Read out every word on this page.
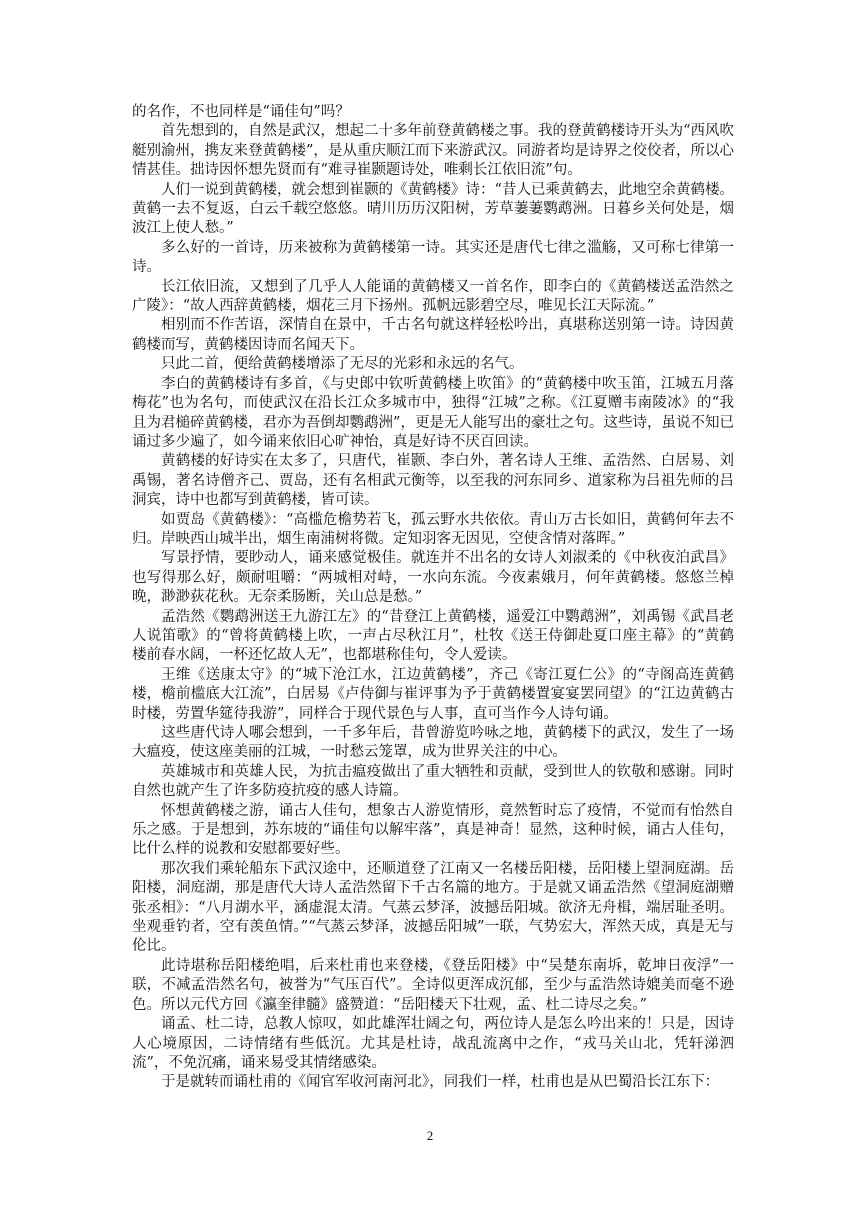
的名作，不也同样是“诵佳句”吗？

首先想到的，自然是武汉，想起二十多年前登黄鹤楼之事。我的登黄鹤楼诗开头为“西风吹艇别渝州，携友来登黄鹤楼”，是从重庆顺江而下来游武汉。同游者均是诗界之佼佼者，所以心情甚佳。拙诗因怀想先贤而有“难寻崔颢题诗处，唯剩长江依旧流”句。

人们一说到黄鹤楼，就会想到崔颢的《黄鹤楼》诗：“昔人已乘黄鹤去，此地空余黄鹤楼。黄鹤一去不复返，白云千载空悠悠。晴川历历汉阳树，芳草萋萋鹦鹉洲。日暮乡关何处是，烟波江上使人愁。”

多么好的一首诗，历来被称为黄鹤楼第一诗。其实还是唐代七律之滥觞，又可称七律第一诗。

长江依旧流，又想到了几乎人人能诵的黄鹤楼又一首名作，即李白的《黄鹤楼送孟浩然之广陵》：“故人西辞黄鹤楼，烟花三月下扬州。孤帆远影碧空尽，唯见长江天际流。”

相别而不作苦语，深情自在景中，千古名句就这样轻松吟出，真堪称送别第一诗。诗因黄鹤楼而写，黄鹤楼因诗而名闻天下。

只此二首，便给黄鹤楼增添了无尽的光彩和永远的名气。

李白的黄鹤楼诗有多首，《与史郎中钦听黄鹤楼上吹笛》的“黄鹤楼中吹玉笛，江城五月落梅花”也为名句，而使武汉在沿长江众多城市中，独得“江城”之称。《江夏赠韦南陵冰》的“我且为君槌碎黄鹤楼，君亦为吾倒却鹦鹉洲”，更是无人能写出的豪壮之句。这些诗，虽说不知已诵过多少遍了，如今诵来依旧心旷神怡，真是好诗不厌百回读。

黄鹤楼的好诗实在太多了，只唐代，崔颢、李白外，著名诗人王维、孟浩然、白居易、刘禹锡，著名诗僧齐己、贾岛，还有名相武元衡等，以至我的河东同乡、道家称为吕祖先师的吕洞宾，诗中也都写到黄鹤楼，皆可读。

如贾岛《黄鹤楼》：“高槛危檐势若飞，孤云野水共依依。青山万古长如旧，黄鹤何年去不归。岸映西山城半出，烟生南浦树将微。定知羽客无因见，空使含情对落晖。”

写景抒情，要眇动人，诵来感觉极佳。就连并不出名的女诗人刘淑柔的《中秋夜泊武昌》也写得那么好，颇耐咀嚼：“两城相对峙，一水向东流。今夜素娥月，何年黄鹤楼。悠悠兰棹晚，渺渺荻花秋。无奈柔肠断，关山总是愁。”

孟浩然《鹦鹉洲送王九游江左》的“昔登江上黄鹤楼，遥爱江中鹦鹉洲”，刘禹锡《武昌老人说笛歌》的“曾将黄鹤楼上吹，一声占尽秋江月”，杜牧《送王侍御赴夏口座主幕》的“黄鹤楼前春水阔，一杯还忆故人无”，也都堪称佳句，令人爱读。

王维《送康太守》的“城下沧江水，江边黄鹤楼”，齐己《寄江夏仁公》的“寺阁高连黄鹤楼，檐前槛底大江流”，白居易《卢侍御与崔评事为予于黄鹤楼置宴宴罢同望》的“江边黄鹤古时楼，劳置华筵待我游”，同样合于现代景色与人事，直可当作今人诗句诵。

这些唐代诗人哪会想到，一千多年后，昔曾游览吟咏之地，黄鹤楼下的武汉，发生了一场大瘟疫，使这座美丽的江城，一时愁云笼罩，成为世界关注的中心。

英雄城市和英雄人民，为抗击瘟疫做出了重大牺牲和贡献，受到世人的钦敬和感谢。同时自然也就产生了许多防疫抗疫的感人诗篇。

怀想黄鹤楼之游，诵古人佳句，想象古人游览情形，竟然暂时忘了疫情，不觉而有怡然自乐之感。于是想到，苏东坡的“诵佳句以解牢落”，真是神奇！显然，这种时候，诵古人佳句，比什么样的说教和安慰都要好些。

那次我们乘轮船东下武汉途中，还顺道登了江南又一名楼岳阳楼，岳阳楼上望洞庭湖。岳阳楼，洞庭湖，那是唐代大诗人孟浩然留下千古名篇的地方。于是就又诵孟浩然《望洞庭湖赠张丞相》：“八月湖水平，涵虚混太清。气蒸云梦泽，波撼岳阳城。欲济无舟楫，端居耻圣明。坐观垂钓者，空有羡鱼情。”“气蒸云梦泽，波撼岳阳城”一联，气势宏大，浑然天成，真是无与伦比。

此诗堪称岳阳楼绝唱，后来杜甫也来登楼，《登岳阳楼》中“吴楚东南坼，乾坤日夜浮”一联，不减孟浩然名句，被誉为“气压百代”。全诗似更浑成沉郁，至少与孟浩然诗媲美而毫不逊色。所以元代方回《瀛奎律髓》盛赞道：“岳阳楼天下壮观，孟、杜二诗尽之矣。”

诵孟、杜二诗，总教人惊叹，如此雄浑壮阔之句，两位诗人是怎么吟出来的！只是，因诗人心境原因，二诗情绪有些低沉。尤其是杜诗，战乱流离中之作，“戎马关山北，凭轩涕泗流”，不免沉痛，诵来易受其情绪感染。

于是就转而诵杜甫的《闻官军收河南河北》，同我们一样，杜甫也是从巴蜀沿长江东下：

2
